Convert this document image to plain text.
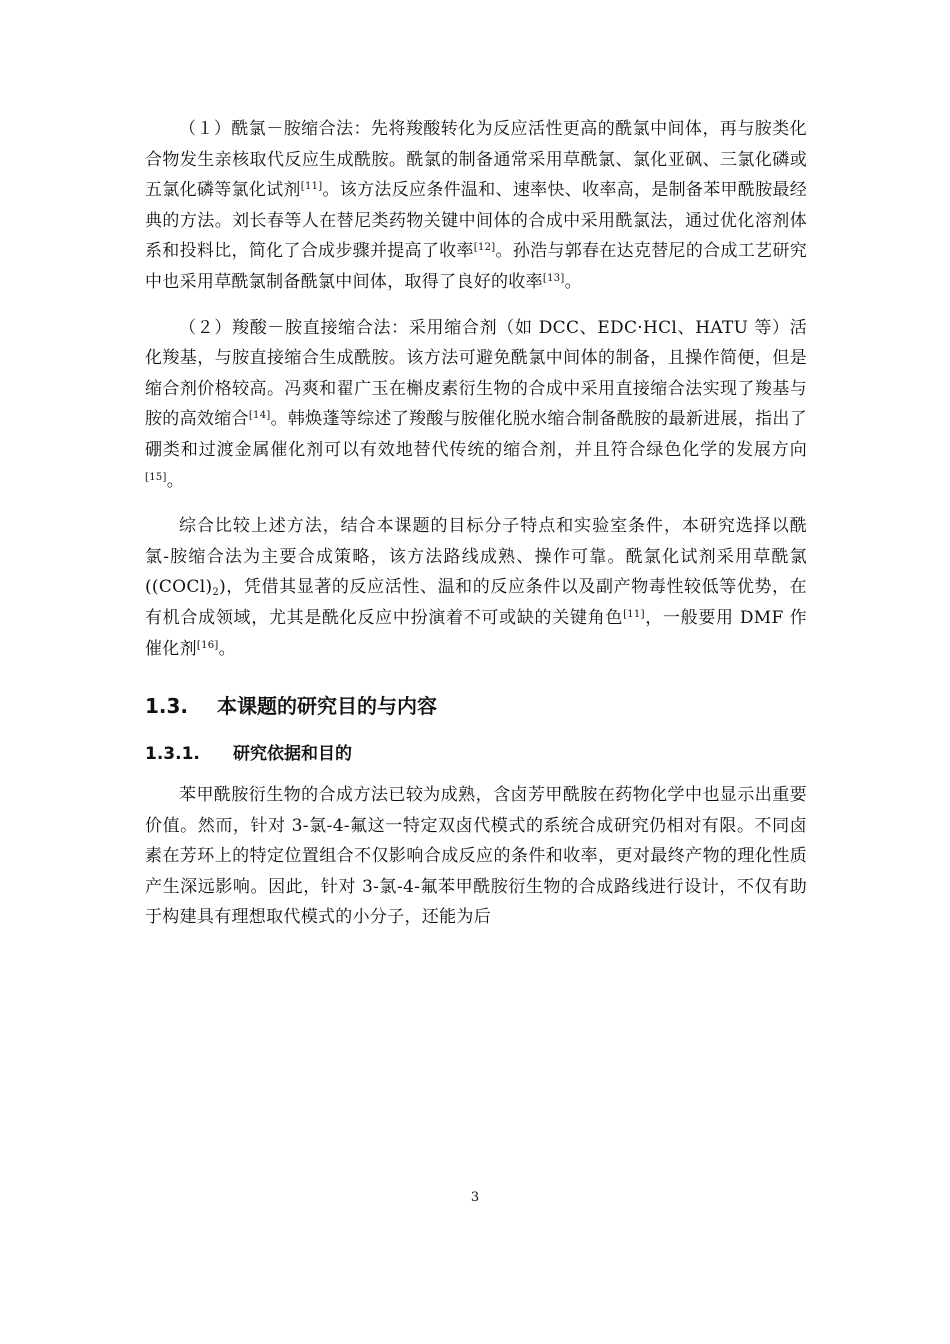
（１）酰氯－胺缩合法：先将羧酸转化为反应活性更高的酰氯中间体，再与胺类化合物发生亲核取代反应生成酰胺。酰氯的制备通常采用草酰氯、氯化亚砜、三氯化磷或五氯化磷等氯化试剂[11]。该方法反应条件温和、速率快、收率高，是制备苯甲酰胺最经典的方法。刘长春等人在替尼类药物关键中间体的合成中采用酰氯法，通过优化溶剂体系和投料比，简化了合成步骤并提高了收率[12]。孙浩与郭春在达克替尼的合成工艺研究中也采用草酰氯制备酰氯中间体，取得了良好的收率[13]。

（２）羧酸－胺直接缩合法：采用缩合剂（如 DCC、EDC·HCl、HATU 等）活化羧基，与胺直接缩合生成酰胺。该方法可避免酰氯中间体的制备，且操作简便，但是缩合剂价格较高。冯爽和翟广玉在槲皮素衍生物的合成中采用直接缩合法实现了羧基与胺的高效缩合[14]。韩焕蓬等综述了羧酸与胺催化脱水缩合制备酰胺的最新进展，指出了硼类和过渡金属催化剂可以有效地替代传统的缩合剂，并且符合绿色化学的发展方向[15]。

综合比较上述方法，结合本课题的目标分子特点和实验室条件，本研究选择以酰氯-胺缩合法为主要合成策略，该方法路线成熟、操作可靠。酰氯化试剂采用草酰氯$((COCl)_2)$，凭借其显著的反应活性、温和的反应条件以及副产物毒性较低等优势，在有机合成领域，尤其是酰化反应中扮演着不可或缺的关键角色[11]，一般要用 DMF 作催化剂[16]。

1.3. 本课题的研究目的与内容
1.3.1. 研究依据和目的

苯甲酰胺衍生物的合成方法已较为成熟，含卤芳甲酰胺在药物化学中也显示出重要价值。然而，针对 3-氯-4-氟这一特定双卤代模式的系统合成研究仍相对有限。不同卤素在芳环上的特定位置组合不仅影响合成反应的条件和收率，更对最终产物的理化性质产生深远影响。因此，针对 3-氯-4-氟苯甲酰胺衍生物的合成路线进行设计，不仅有助于构建具有理想取代模式的小分子，还能为后

3
